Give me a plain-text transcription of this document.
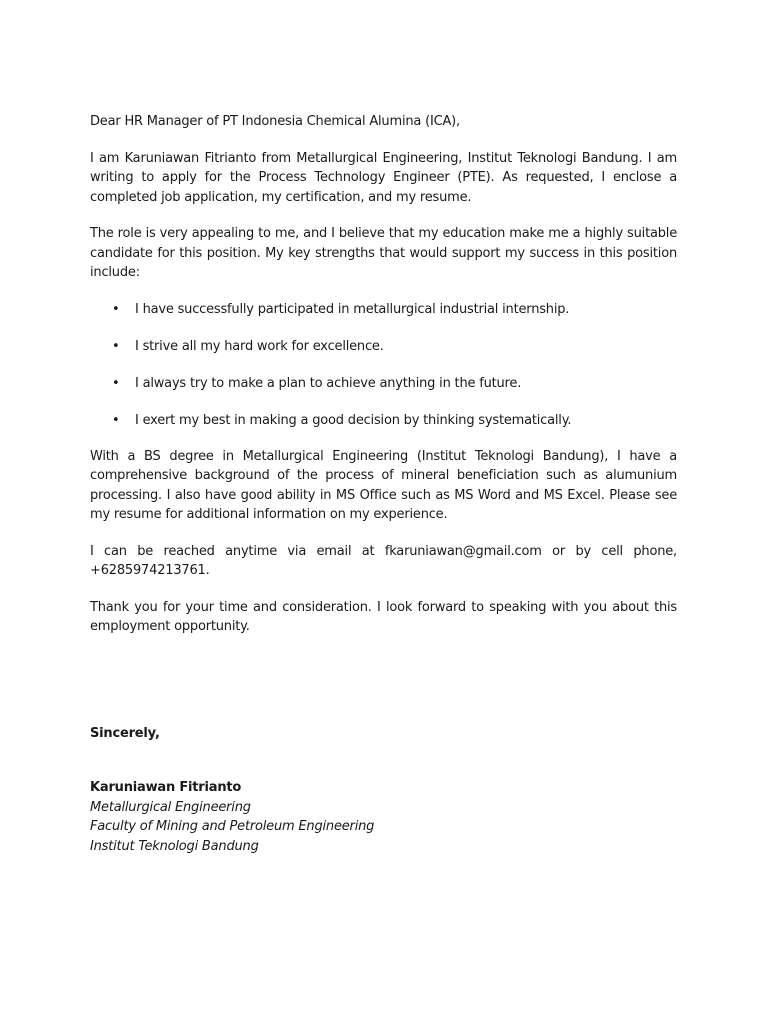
Dear HR Manager of PT Indonesia Chemical Alumina (ICA),

I am Karuniawan Fitrianto from Metallurgical Engineering, Institut Teknologi Bandung. I am writing to apply for the Process Technology Engineer (PTE). As requested, I enclose a completed job application, my certification, and my resume.

The role is very appealing to me, and I believe that my education make me a highly suitable candidate for this position. My key strengths that would support my success in this position include:

• I have successfully participated in metallurgical industrial internship.
• I strive all my hard work for excellence.
• I always try to make a plan to achieve anything in the future.
• I exert my best in making a good decision by thinking systematically.

With a BS degree in Metallurgical Engineering (Institut Teknologi Bandung), I have a comprehensive background of the process of mineral beneficiation such as alumunium processing. I also have good ability in MS Office such as MS Word and MS Excel. Please see my resume for additional information on my experience.

I can be reached anytime via email at fkaruniawan@gmail.com or by cell phone, +6285974213761.

Thank you for your time and consideration. I look forward to speaking with you about this employment opportunity.

Sincerely,
Karuniawan Fitrianto
Metallurgical Engineering
Faculty of Mining and Petroleum Engineering
Institut Teknologi Bandung
